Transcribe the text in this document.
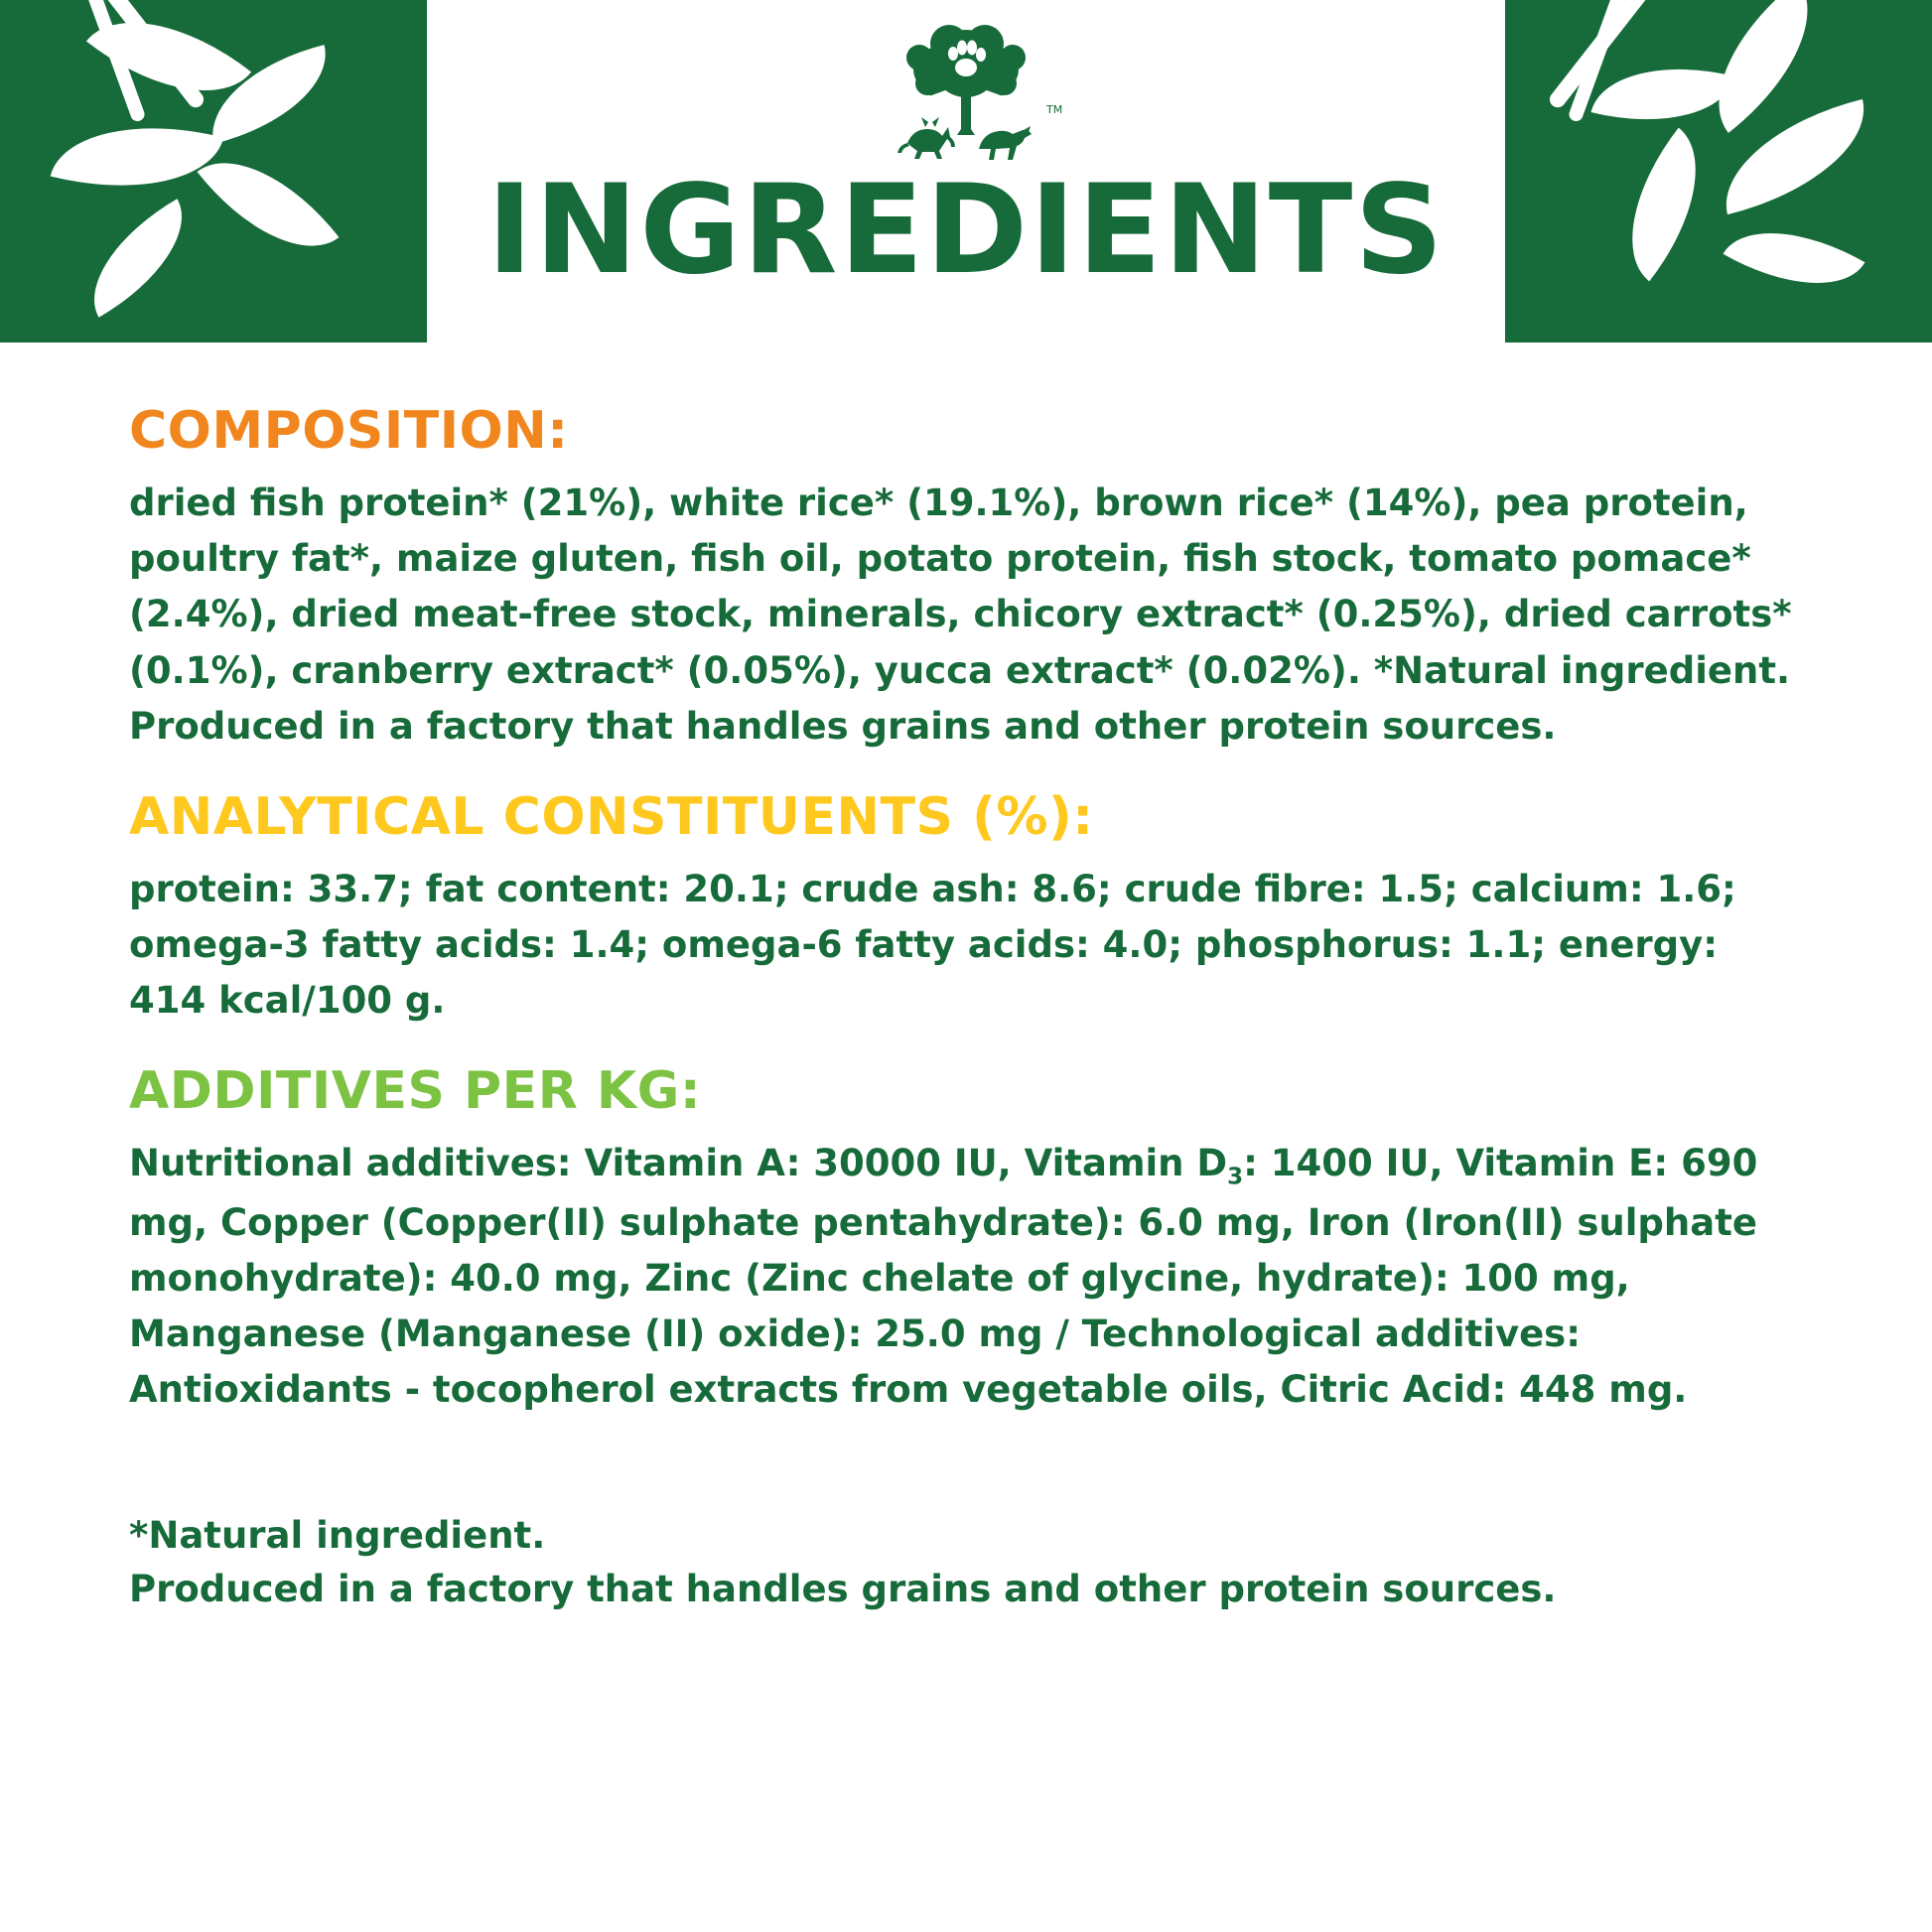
TM
INGREDIENTS
COMPOSITION:

dried fish protein* (21%), white rice* (19.1%), brown rice* (14%), pea protein, poultry fat*, maize gluten, fish oil, potato protein, fish stock, tomato pomace* (2.4%), dried meat-free stock, minerals, chicory extract* (0.25%), dried carrots* (0.1%), cranberry extract* (0.05%), yucca extract* (0.02%). *Natural ingredient. Produced in a factory that handles grains and other protein sources.

ANALYTICAL CONSTITUENTS (%):

protein: 33.7; fat content: 20.1; crude ash: 8.6; crude fibre: 1.5; calcium: 1.6; omega-3 fatty acids: 1.4; omega-6 fatty acids: 4.0; phosphorus: 1.1; energy: 414 kcal/100 g.

ADDITIVES PER KG:

Nutritional additives: Vitamin A: 30000 IU, Vitamin $D_3$: 1400 IU, Vitamin E: 690 mg, Copper (Copper(II) sulphate pentahydrate): 6.0 mg, Iron (Iron(II) sulphate monohydrate): 40.0 mg, Zinc (Zinc chelate of glycine, hydrate): 100 mg, Manganese (Manganese (II) oxide): 25.0 mg / Technological additives: Antioxidants - tocopherol extracts from vegetable oils, Citric Acid: 448 mg.

*Natural ingredient.
Produced in a factory that handles grains and other protein sources.
